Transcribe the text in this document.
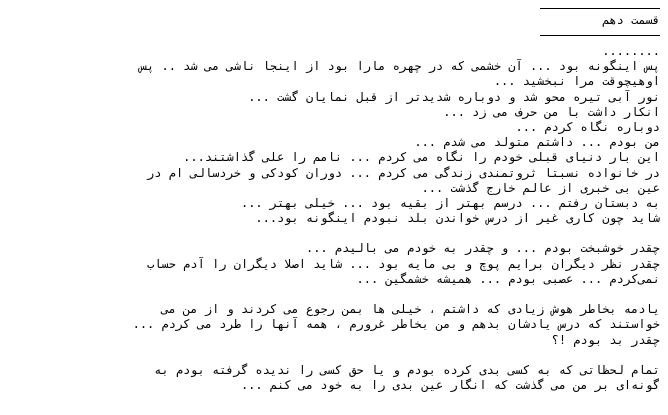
قسمت دهم
........
پس اینگونه بود ... آن خشمی که در چهره مارا بود از اینجا ناشی می شد .. پس
اوهیچوقت مرا نبخشید ...
نور آبی تیره محو شد و دوباره شدیدتر از قبل نمایان گشت ...
انکار داشت با من حرف می زد ...
دوباره نگاه کردم ...
من بودم ... داشتم متولد می شدم ...
این بار دنیای قبلی خودم را نگاه می کردم ... نامم را علی گذاشتند...
در خانواده نسبتا ثروتمندی زندگی می کردم ... دوران کودکی و خردسالی ام در
عین بی خبری از عالم خارج گذشت ...
به دبستان رفتم ... درسم بهتر از بقیه بود ... خیلی بهتر ...
شاید چون کاری غیر از درس خواندن بلد نبودم اینگونه بود...
چقدر خوشبخت بودم ... و چقدر به خودم می بالیدم ...
چقدر نظر دیگران برایم پوچ و بی مایه بود ... شاید اصلا دیگران را آدم حساب
نمی‌کردم ... عصبی بودم ... همیشه خشمگین ...
یادمه بخاطر هوش زیادی که داشتم ، خیلی ها بمن رجوع می کردند و از من می
خواستند که درس یادشان بدهم و من بخاطر غرورم ، همه آنها را طرد می کردم ...
چقدر بد بودم !؟
تمام لحظاتی که به کسی بدی کرده بودم و یا حق کسی را ندیده گرفته بودم به
گونه‌ای بر من می گذشت که انگار عین بدی را به خود می کنم ...
